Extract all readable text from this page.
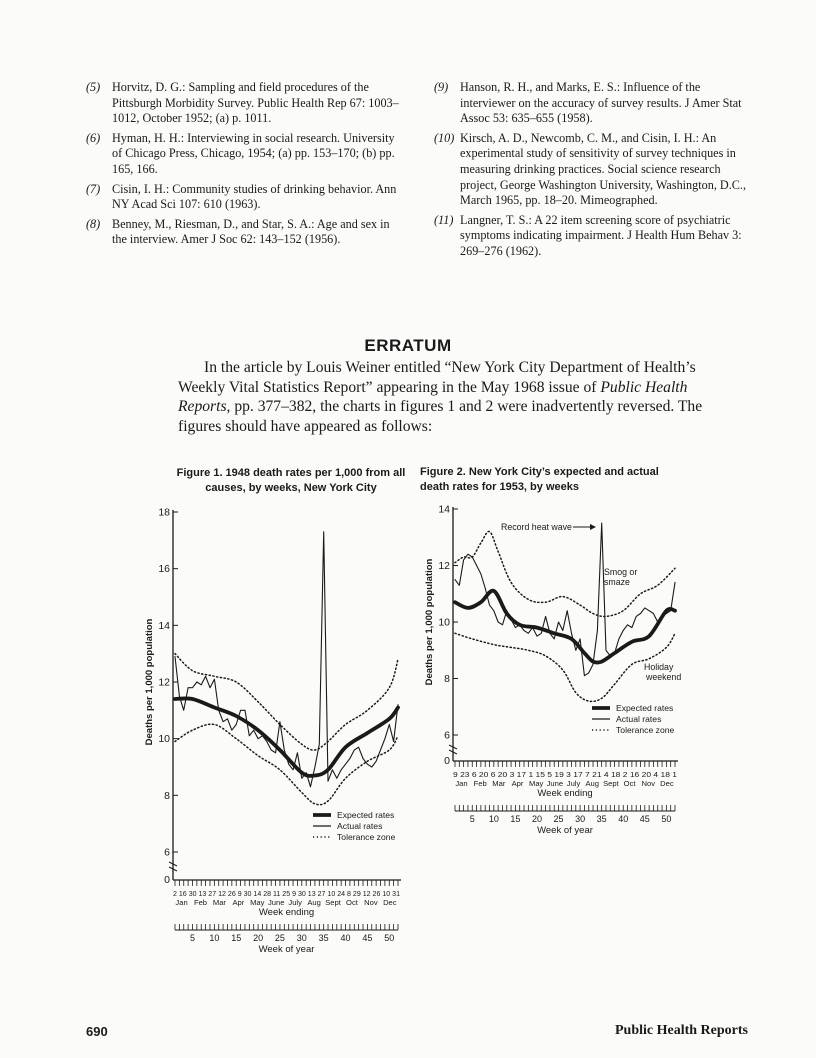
(5) Horvitz, D. G.: Sampling and field procedures of the Pittsburgh Morbidity Survey. Public Health Rep 67: 1003–1012, October 1952; (a) p. 1011.
(6) Hyman, H. H.: Interviewing in social research. University of Chicago Press, Chicago, 1954; (a) pp. 153–170; (b) pp. 165, 166.
(7) Cisin, I. H.: Community studies of drinking behavior. Ann NY Acad Sci 107: 610 (1963).
(8) Benney, M., Riesman, D., and Star, S. A.: Age and sex in the interview. Amer J Soc 62: 143–152 (1956).
(9) Hanson, R. H., and Marks, E. S.: Influence of the interviewer on the accuracy of survey results. J Amer Stat Assoc 53: 635–655 (1958).
(10) Kirsch, A. D., Newcomb, C. M., and Cisin, I. H.: An experimental study of sensitivity of survey techniques in measuring drinking practices. Social science research project, George Washington University, Washington, D.C., March 1965, pp. 18–20. Mimeographed.
(11) Langner, T. S.: A 22 item screening score of psychiatric symptoms indicating impairment. J Health Hum Behav 3: 269–276 (1962).
ERRATUM
In the article by Louis Weiner entitled “New York City Department of Health’s Weekly Vital Statistics Report” appearing in the May 1968 issue of Public Health Reports, pp. 377–382, the charts in figures 1 and 2 were inadvertently reversed. The figures should have appeared as follows:
Figure 1. 1948 death rates per 1,000 from all causes, by weeks, New York City
Figure 2. New York City’s expected and actual death rates for 1953, by weeks
6
8
10
12
14
16
18
0
Deaths per 1,000 population
2 16 30 13 27 12 26 9 30 14 28 11 25 9 30 13 27 10 24 8 29 12 26 10 31
Jan Feb Mar Apr May June July Aug Sept Oct Nov Dec
Week ending
5 10 15 20 25 30 35 40 45 50
Week of year
Expected rates
Actual rates
Tolerance zone
6
8
10
12
14
0
Deaths per 1,000 population
9 23 6 20 6 20 3 17 1 15 5 19 3 17 7 21 4 18 2 16 20 4 18 1
Jan Feb Mar Apr May June July Aug Sept Oct Nov Dec
Week ending
5 10 15 20 25 30 35 40 45 50
Week of year
Expected rates
Actual rates
Tolerance zone
Record heat wave
Smog or smaze
Holiday weekend
690	Public Health Reports
